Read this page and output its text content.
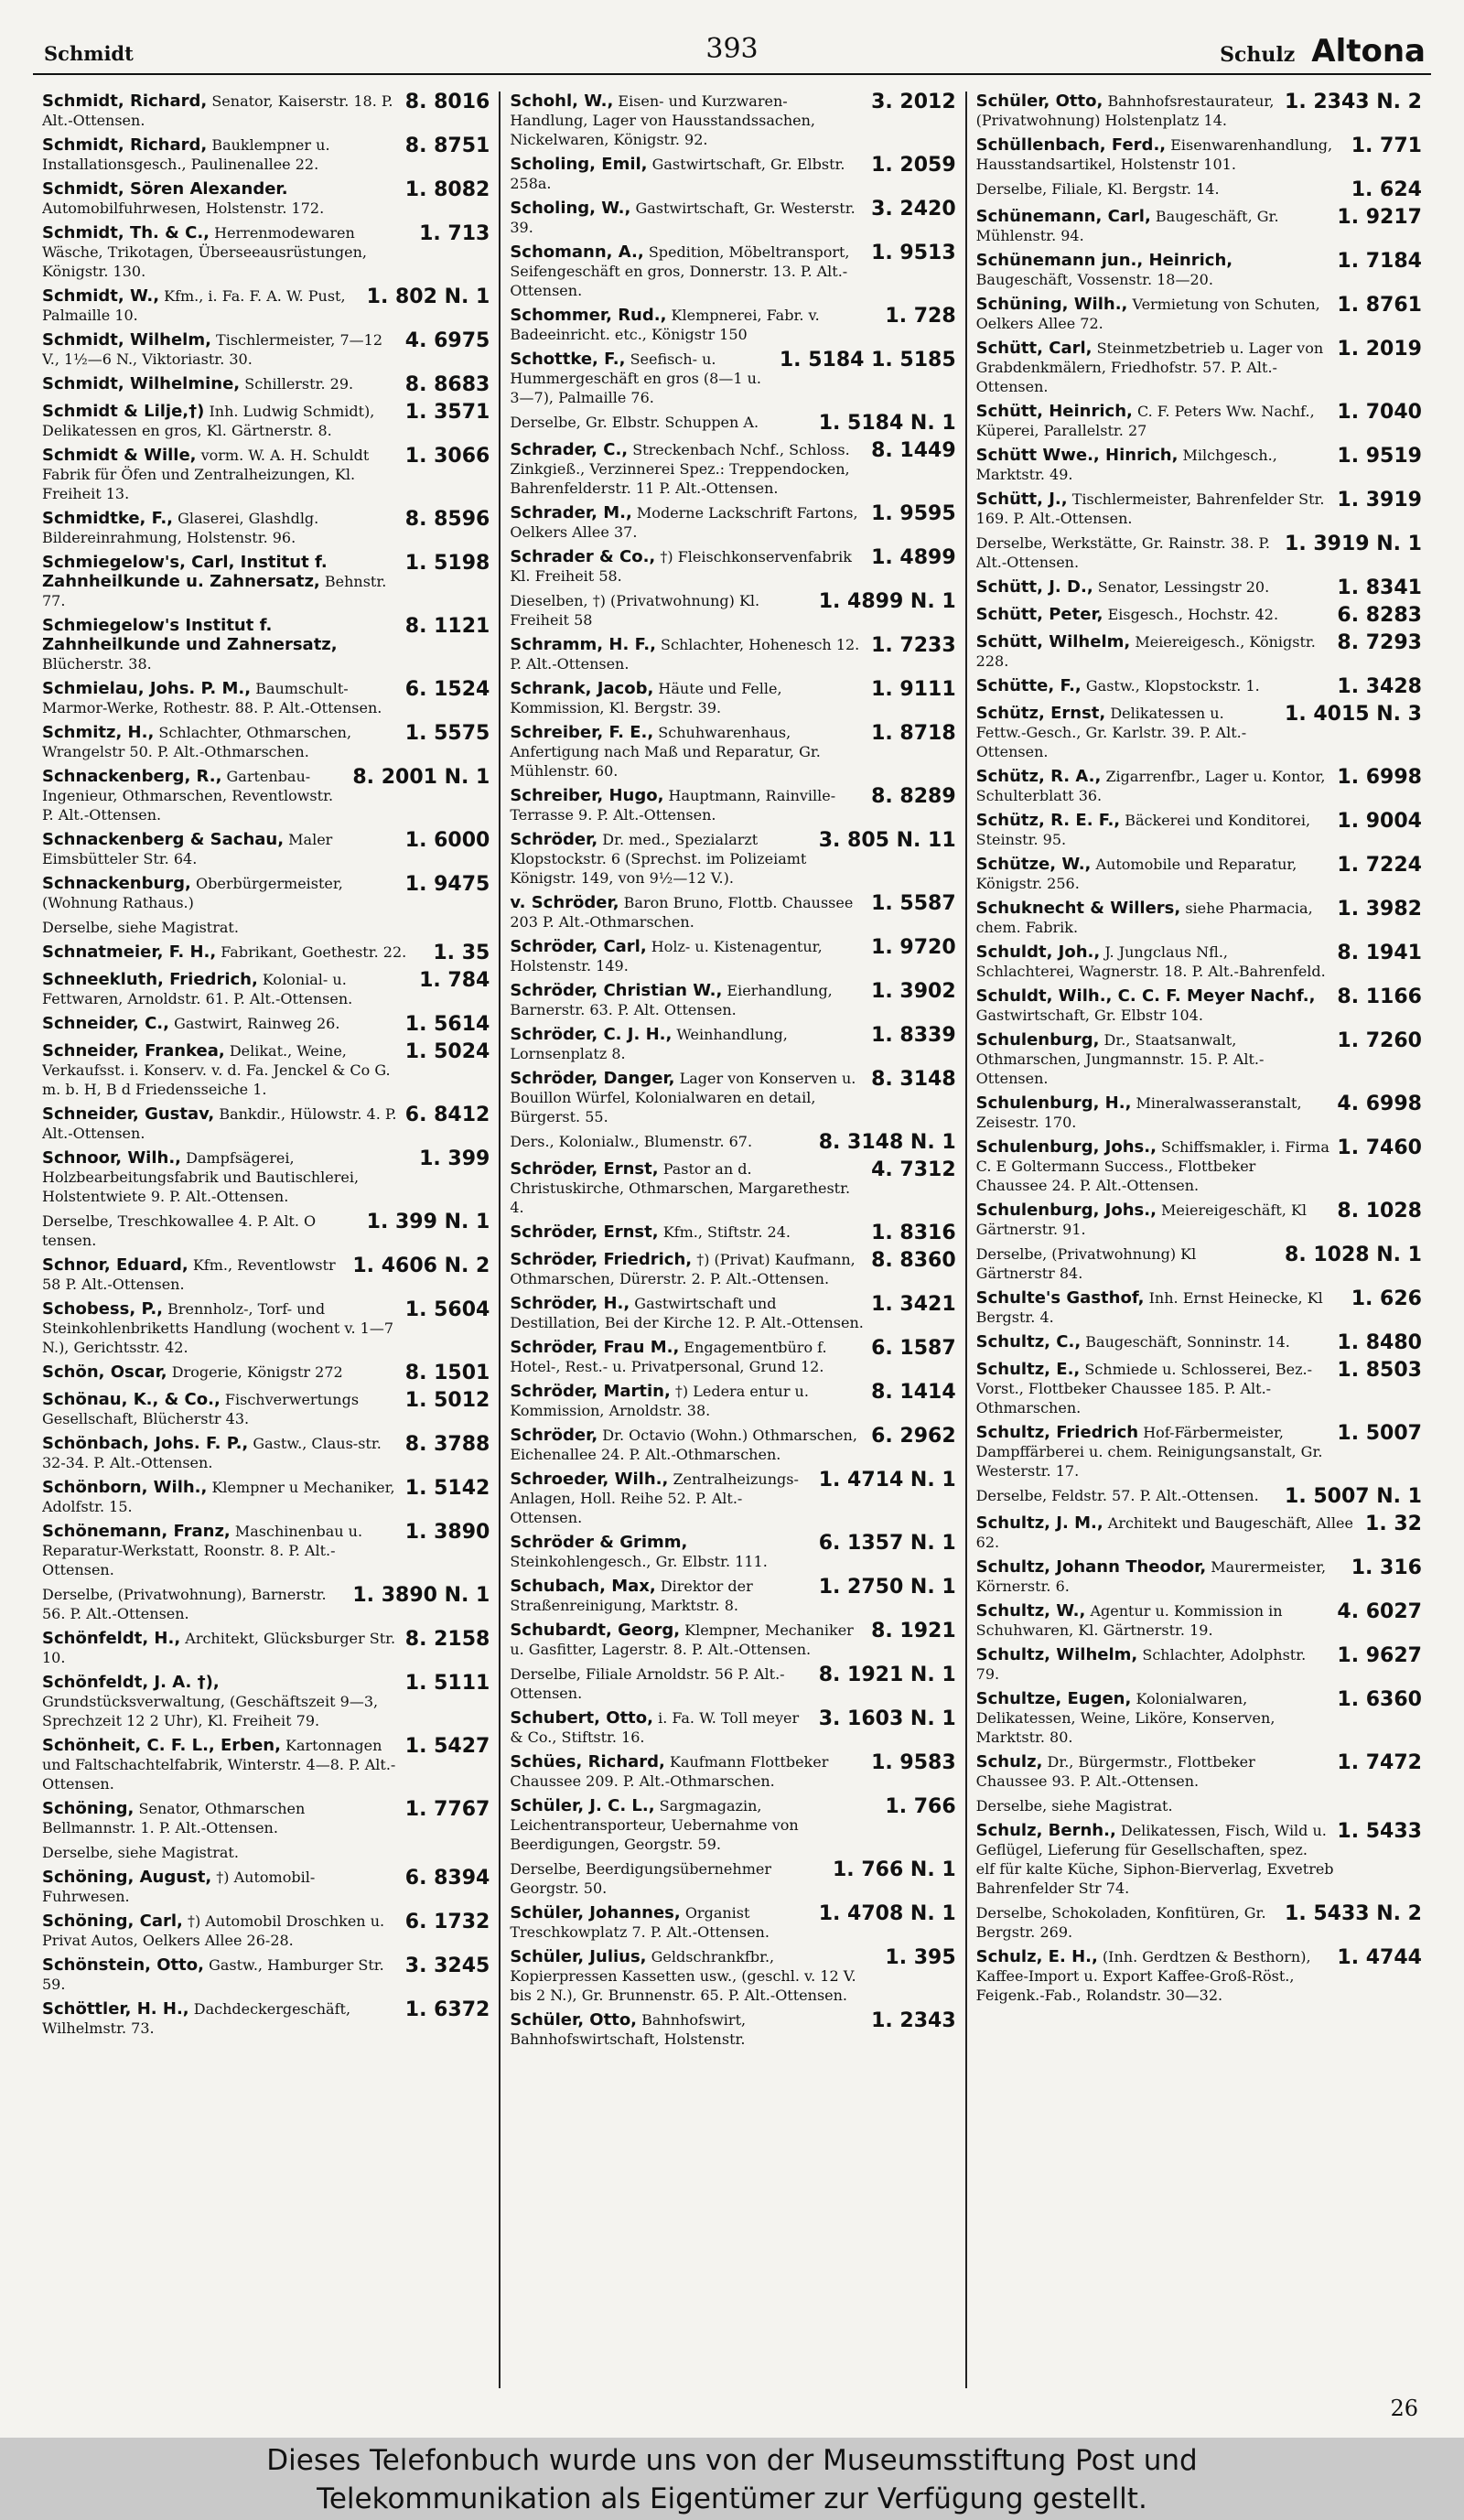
Schmidt	393	Schulz Altona
8. 8016
Schmidt, Richard, Senator, Kaiserstr. 18. P. Alt.-Ottensen.
8. 8751
Schmidt, Richard, Bauklempner u. Installationsgesch., Paulinenallee 22.
1. 8082
Schmidt, Sören Alexander. Automobilfuhrwesen, Holstenstr. 172.
1. 713
Schmidt, Th. & C., Herrenmodewaren Wäsche, Trikotagen, Überseeausrüstungen, Königstr. 130.
1. 802 N. 1
Schmidt, W., Kfm., i. Fa. F. A. W. Pust, Palmaille 10.
4. 6975
Schmidt, Wilhelm, Tischlermeister, 7—12 V., 1½—6 N., Viktoriastr. 30.
8. 8683
Schmidt, Wilhelmine, Schillerstr. 29.
1. 3571
Schmidt & Lilje,†) Inh. Ludwig Schmidt), Delikatessen en gros, Kl. Gärtnerstr. 8.
1. 3066
Schmidt & Wille, vorm. W. A. H. Schuldt Fabrik für Öfen und Zentralheizungen, Kl. Freiheit 13.
8. 8596
Schmidtke, F., Glaserei, Glashdlg. Bildereinrahmung, Holstenstr. 96.
1. 5198
Schmiegelow's, Carl, Institut f. Zahnheilkunde u. Zahnersatz, Behnstr. 77.
8. 1121
Schmiegelow's Institut f. Zahnheilkunde und Zahnersatz, Blücherstr. 38.
6. 1524
Schmielau, Johs. P. M., Baumschult-Marmor-Werke, Rothestr. 88. P. Alt.-Ottensen.
1. 5575
Schmitz, H., Schlachter, Othmarschen, Wrangelstr 50. P. Alt.-Othmarschen.
8. 2001 N. 1
Schnackenberg, R., Gartenbau-Ingenieur, Othmarschen, Reventlowstr. P. Alt.-Ottensen.
1. 6000
Schnackenberg & Sachau, Maler Eimsbütteler Str. 64.
1. 9475
Schnackenburg, Oberbürgermeister, (Wohnung Rathaus.)
Derselbe, siehe Magistrat.
1. 35
Schnatmeier, F. H., Fabrikant, Goethestr. 22.
1. 784
Schneekluth, Friedrich, Kolonial- u. Fettwaren, Arnoldstr. 61. P. Alt.-Ottensen.
1. 5614
Schneider, C., Gastwirt, Rainweg 26.
1. 5024
Schneider, Frankea, Delikat., Weine, Verkaufsst. i. Konserv. v. d. Fa. Jenckel & Co G. m. b. H, B d Friedensseiche 1.
6. 8412
Schneider, Gustav, Bankdir., Hülowstr. 4. P. Alt.-Ottensen.
1. 399
Schnoor, Wilh., Dampfsägerei, Holzbearbeitungsfabrik und Bautischlerei, Holstentwiete 9. P. Alt.-Ottensen.
1. 399 N. 1
Derselbe, Treschkowallee 4. P. Alt. O tensen.
1. 4606 N. 2
Schnor, Eduard, Kfm., Reventlowstr 58 P. Alt.-Ottensen.
1. 5604
Schobess, P., Brennholz-, Torf- und Steinkohlenbriketts Handlung (wochent v. 1—7 N.), Gerichtsstr. 42.
8. 1501
Schön, Oscar, Drogerie, Königstr 272
1. 5012
Schönau, K., & Co., Fischverwertungs Gesellschaft, Blücherstr 43.
8. 3788
Schönbach, Johs. F. P., Gastw., Claus-str. 32-34. P. Alt.-Ottensen.
1. 5142
Schönborn, Wilh., Klempner u Mechaniker, Adolfstr. 15.
1. 3890
Schönemann, Franz, Maschinenbau u. Reparatur-Werkstatt, Roonstr. 8. P. Alt.-Ottensen.
1. 3890 N. 1
Derselbe, (Privatwohnung), Barnerstr. 56. P. Alt.-Ottensen.
8. 2158
Schönfeldt, H., Architekt, Glücksburger Str. 10.
1. 5111
Schönfeldt, J. A. †), Grundstücksverwaltung, (Geschäftszeit 9—3, Sprechzeit 12 2 Uhr), Kl. Freiheit 79.
1. 5427
Schönheit, C. F. L., Erben, Kartonnagen und Faltschachtelfabrik, Winterstr. 4—8. P. Alt.-Ottensen.
1. 7767
Schöning, Senator, Othmarschen Bellmannstr. 1. P. Alt.-Ottensen.
Derselbe, siehe Magistrat.
6. 8394
Schöning, August, †) Automobil-Fuhrwesen.
6. 1732
Schöning, Carl, †) Automobil Droschken u. Privat Autos, Oelkers Allee 26-28.
3. 3245
Schönstein, Otto, Gastw., Hamburger Str. 59.
1. 6372
Schöttler, H. H., Dachdeckergeschäft, Wilhelmstr. 73.
3. 2012
Schohl, W., Eisen- und Kurzwaren-Handlung, Lager von Hausstandssachen, Nickelwaren, Königstr. 92.
1. 2059
Scholing, Emil, Gastwirtschaft, Gr. Elbstr. 258a.
3. 2420
Scholing, W., Gastwirtschaft, Gr. Westerstr. 39.
1. 9513
Schomann, A., Spedition, Möbeltransport, Seifengeschäft en gros, Donnerstr. 13. P. Alt.-Ottensen.
1. 728
Schommer, Rud., Klempnerei, Fabr. v. Badeeinricht. etc., Königstr 150
1. 5184 1. 5185
Schottke, F., Seefisch- u. Hummergeschäft en gros (8—1 u. 3—7), Palmaille 76.
1. 5184 N. 1
Derselbe, Gr. Elbstr. Schuppen A.
8. 1449
Schrader, C., Streckenbach Nchf., Schloss. Zinkgieß., Verzinnerei Spez.: Treppendocken, Bahrenfelderstr. 11 P. Alt.-Ottensen.
1. 9595
Schrader, M., Moderne Lackschrift Fartons, Oelkers Allee 37.
1. 4899
Schrader & Co., †) Fleischkonservenfabrik Kl. Freiheit 58.
1. 4899 N. 1
Dieselben, †) (Privatwohnung) Kl. Freiheit 58
1. 7233
Schramm, H. F., Schlachter, Hohenesch 12. P. Alt.-Ottensen.
1. 9111
Schrank, Jacob, Häute und Felle, Kommission, Kl. Bergstr. 39.
1. 8718
Schreiber, F. E., Schuhwarenhaus, Anfertigung nach Maß und Reparatur, Gr. Mühlenstr. 60.
8. 8289
Schreiber, Hugo, Hauptmann, Rainville-Terrasse 9. P. Alt.-Ottensen.
3. 805 N. 11
Schröder, Dr. med., Spezialarzt Klopstockstr. 6 (Sprechst. im Polizeiamt Königstr. 149, von 9½—12 V.).
1. 5587
v. Schröder, Baron Bruno, Flottb. Chaussee 203 P. Alt.-Othmarschen.
1. 9720
Schröder, Carl, Holz- u. Kistenagentur, Holstenstr. 149.
1. 3902
Schröder, Christian W., Eierhandlung, Barnerstr. 63. P. Alt. Ottensen.
1. 8339
Schröder, C. J. H., Weinhandlung, Lornsenplatz 8.
8. 3148
Schröder, Danger, Lager von Konserven u. Bouillon Würfel, Kolonialwaren en detail, Bürgerst. 55.
8. 3148 N. 1
Ders., Kolonialw., Blumenstr. 67.
4. 7312
Schröder, Ernst, Pastor an d. Christuskirche, Othmarschen, Margarethestr. 4.
1. 8316
Schröder, Ernst, Kfm., Stiftstr. 24.
8. 8360
Schröder, Friedrich, †) (Privat) Kaufmann, Othmarschen, Dürerstr. 2. P. Alt.-Ottensen.
1. 3421
Schröder, H., Gastwirtschaft und Destillation, Bei der Kirche 12. P. Alt.-Ottensen.
6. 1587
Schröder, Frau M., Engagementbüro f. Hotel-, Rest.- u. Privatpersonal, Grund 12.
8. 1414
Schröder, Martin, †) Ledera entur u. Kommission, Arnoldstr. 38.
6. 2962
Schröder, Dr. Octavio (Wohn.) Othmarschen, Eichenallee 24. P. Alt.-Othmarschen.
1. 4714 N. 1
Schroeder, Wilh., Zentralheizungs-Anlagen, Holl. Reihe 52. P. Alt.-Ottensen.
6. 1357 N. 1
Schröder & Grimm, Steinkohlengesch., Gr. Elbstr. 111.
1. 2750 N. 1
Schubach, Max, Direktor der Straßenreinigung, Marktstr. 8.
8. 1921
Schubardt, Georg, Klempner, Mechaniker u. Gasfitter, Lagerstr. 8. P. Alt.-Ottensen.
8. 1921 N. 1
Derselbe, Filiale Arnoldstr. 56 P. Alt.-Ottensen.
3. 1603 N. 1
Schubert, Otto, i. Fa. W. Toll meyer & Co., Stiftstr. 16.
1. 9583
Schües, Richard, Kaufmann Flottbeker Chaussee 209. P. Alt.-Othmarschen.
1. 766
Schüler, J. C. L., Sargmagazin, Leichentransporteur, Uebernahme von Beerdigungen, Georgstr. 59.
1. 766 N. 1
Derselbe, Beerdigungsübernehmer Georgstr. 50.
1. 4708 N. 1
Schüler, Johannes, Organist Treschkowplatz 7. P. Alt.-Ottensen.
1. 395
Schüler, Julius, Geldschrankfbr., Kopierpressen Kassetten usw., (geschl. v. 12 V. bis 2 N.), Gr. Brunnenstr. 65. P. Alt.-Ottensen.
1. 2343
Schüler, Otto, Bahnhofswirt, Bahnhofswirtschaft, Holstenstr.
1. 2343 N. 2
Schüler, Otto, Bahnhofsrestaurateur, (Privatwohnung) Holstenplatz 14.
1. 771
Schüllenbach, Ferd., Eisenwarenhandlung, Hausstandsartikel, Holstenstr 101.
1. 624
Derselbe, Filiale, Kl. Bergstr. 14.
1. 9217
Schünemann, Carl, Baugeschäft, Gr. Mühlenstr. 94.
1. 7184
Schünemann jun., Heinrich, Baugeschäft, Vossenstr. 18—20.
1. 8761
Schüning, Wilh., Vermietung von Schuten, Oelkers Allee 72.
1. 2019
Schütt, Carl, Steinmetzbetrieb u. Lager von Grabdenkmälern, Friedhofstr. 57. P. Alt.-Ottensen.
1. 7040
Schütt, Heinrich, C. F. Peters Ww. Nachf., Küperei, Parallelstr. 27
1. 9519
Schütt Wwe., Hinrich, Milchgesch., Marktstr. 49.
1. 3919
Schütt, J., Tischlermeister, Bahrenfelder Str. 169. P. Alt.-Ottensen.
1. 3919 N. 1
Derselbe, Werkstätte, Gr. Rainstr. 38. P. Alt.-Ottensen.
1. 8341
Schütt, J. D., Senator, Lessingstr 20.
6. 8283
Schütt, Peter, Eisgesch., Hochstr. 42.
8. 7293
Schütt, Wilhelm, Meiereigesch., Königstr. 228.
1. 3428
Schütte, F., Gastw., Klopstockstr. 1.
1. 4015 N. 3
Schütz, Ernst, Delikatessen u. Fettw.-Gesch., Gr. Karlstr. 39. P. Alt.-Ottensen.
1. 6998
Schütz, R. A., Zigarrenfbr., Lager u. Kontor, Schulterblatt 36.
1. 9004
Schütz, R. E. F., Bäckerei und Konditorei, Steinstr. 95.
1. 7224
Schütze, W., Automobile und Reparatur, Königstr. 256.
1. 3982
Schuknecht & Willers, siehe Pharmacia, chem. Fabrik.
8. 1941
Schuldt, Joh., J. Jungclaus Nfl., Schlachterei, Wagnerstr. 18. P. Alt.-Bahrenfeld.
8. 1166
Schuldt, Wilh., C. C. F. Meyer Nachf., Gastwirtschaft, Gr. Elbstr 104.
1. 7260
Schulenburg, Dr., Staatsanwalt, Othmarschen, Jungmannstr. 15. P. Alt.-Ottensen.
4. 6998
Schulenburg, H., Mineralwasseranstalt, Zeisestr. 170.
1. 7460
Schulenburg, Johs., Schiffsmakler, i. Firma C. E Goltermann Success., Flottbeker Chaussee 24. P. Alt.-Ottensen.
8. 1028
Schulenburg, Johs., Meiereigeschäft, Kl Gärtnerstr. 91.
8. 1028 N. 1
Derselbe, (Privatwohnung) Kl Gärtnerstr 84.
1. 626
Schulte's Gasthof, Inh. Ernst Heinecke, Kl Bergstr. 4.
1. 8480
Schultz, C., Baugeschäft, Sonninstr. 14.
1. 8503
Schultz, E., Schmiede u. Schlosserei, Bez.-Vorst., Flottbeker Chaussee 185. P. Alt.-Othmarschen.
1. 5007
Schultz, Friedrich Hof-Färbermeister, Dampffärberei u. chem. Reinigungsanstalt, Gr. Westerstr. 17.
1. 5007 N. 1
Derselbe, Feldstr. 57. P. Alt.-Ottensen.
1. 32
Schultz, J. M., Architekt und Baugeschäft, Allee 62.
1. 316
Schultz, Johann Theodor, Maurermeister, Körnerstr. 6.
4. 6027
Schultz, W., Agentur u. Kommission in Schuhwaren, Kl. Gärtnerstr. 19.
1. 9627
Schultz, Wilhelm, Schlachter, Adolphstr. 79.
1. 6360
Schultze, Eugen, Kolonialwaren, Delikatessen, Weine, Liköre, Konserven, Marktstr. 80.
1. 7472
Schulz, Dr., Bürgermstr., Flottbeker Chaussee 93. P. Alt.-Ottensen.
Derselbe, siehe Magistrat.
1. 5433
Schulz, Bernh., Delikatessen, Fisch, Wild u. Geflügel, Lieferung für Gesellschaften, spez. elf für kalte Küche, Siphon-Bierverlag, Exvetreb Bahrenfelder Str 74.
1. 5433 N. 2
Derselbe, Schokoladen, Konfitüren, Gr. Bergstr. 269.
1. 4744
Schulz, E. H., (Inh. Gerdtzen & Besthorn), Kaffee-Import u. Export Kaffee-Groß-Röst., Feigenk.-Fab., Rolandstr. 30—32.
26
Dieses Telefonbuch wurde uns von der Museumsstiftung Post und
Telekommunikation als Eigentümer zur Verfügung gestellt.
